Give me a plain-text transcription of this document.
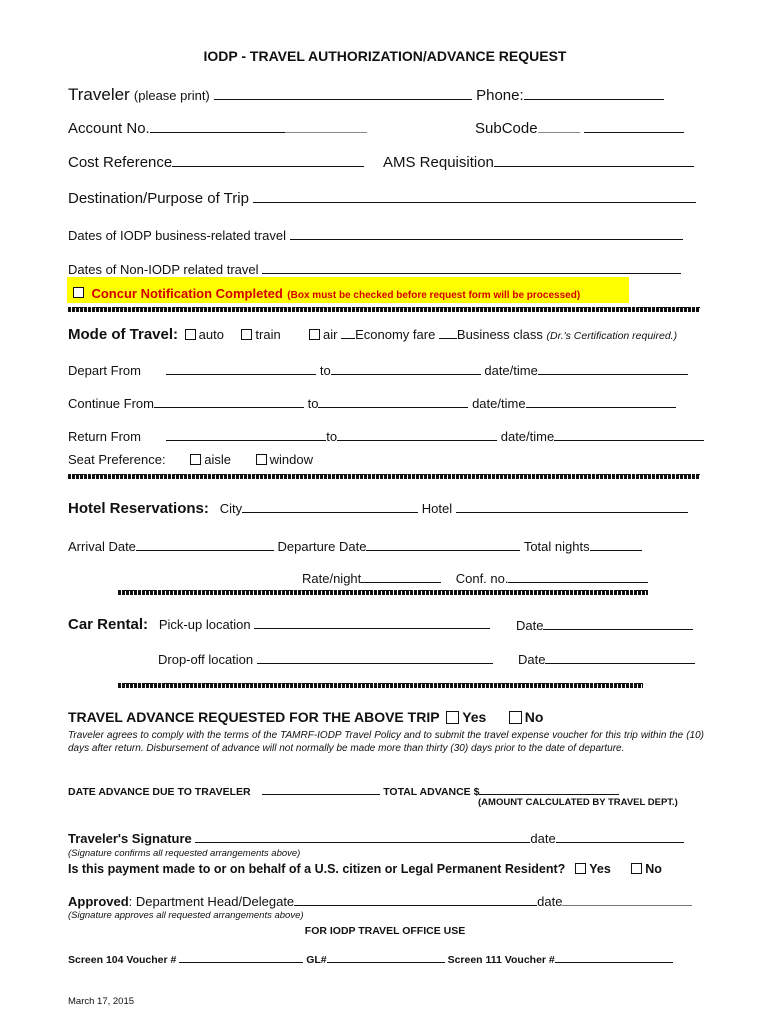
IODP - TRAVEL AUTHORIZATION/ADVANCE REQUEST
Traveler (please print)	Phone:
Account No.	SubCode
Cost Reference	AMS Requisition
Destination/Purpose of Trip
Dates of IODP business-related travel
Dates of Non-IODP related travel
Concur Notification Completed (Box must be checked before request form will be processed)
Mode of Travel: auto train	air Economy fare Business class (Dr.'s Certification required.)
Depart From	to	date/time
Continue From	to	date/time
Return From	to	date/time
Seat Preference:	aisle	window
Hotel Reservations: City	Hotel
Arrival Date	Departure Date	Total nights
Rate/night	Conf. no.
Car Rental: Pick-up location	Date
Drop-off location	Date
TRAVEL ADVANCE REQUESTED FOR THE ABOVE TRIP Yes	No
Traveler agrees to comply with the terms of the TAMRF-IODP Travel Policy and to submit the travel expense voucher for this trip within the (10) days after return. Disbursement of advance will not normally be made more than thirty (30) days prior to the date of departure.
DATE ADVANCE DUE TO TRAVELER	TOTAL ADVANCE $
(AMOUNT CALCULATED BY TRAVEL DEPT.)
Traveler's Signature	date
(Signature confirms all requested arrangements above)
Is this payment made to or on behalf of a U.S. citizen or Legal Permanent Resident? Yes	No
Approved: Department Head/Delegate	date
(Signature approves all requested arrangements above)
FOR IODP TRAVEL OFFICE USE
Screen 104 Voucher #	GL#	Screen 111 Voucher #
March 17, 2015
